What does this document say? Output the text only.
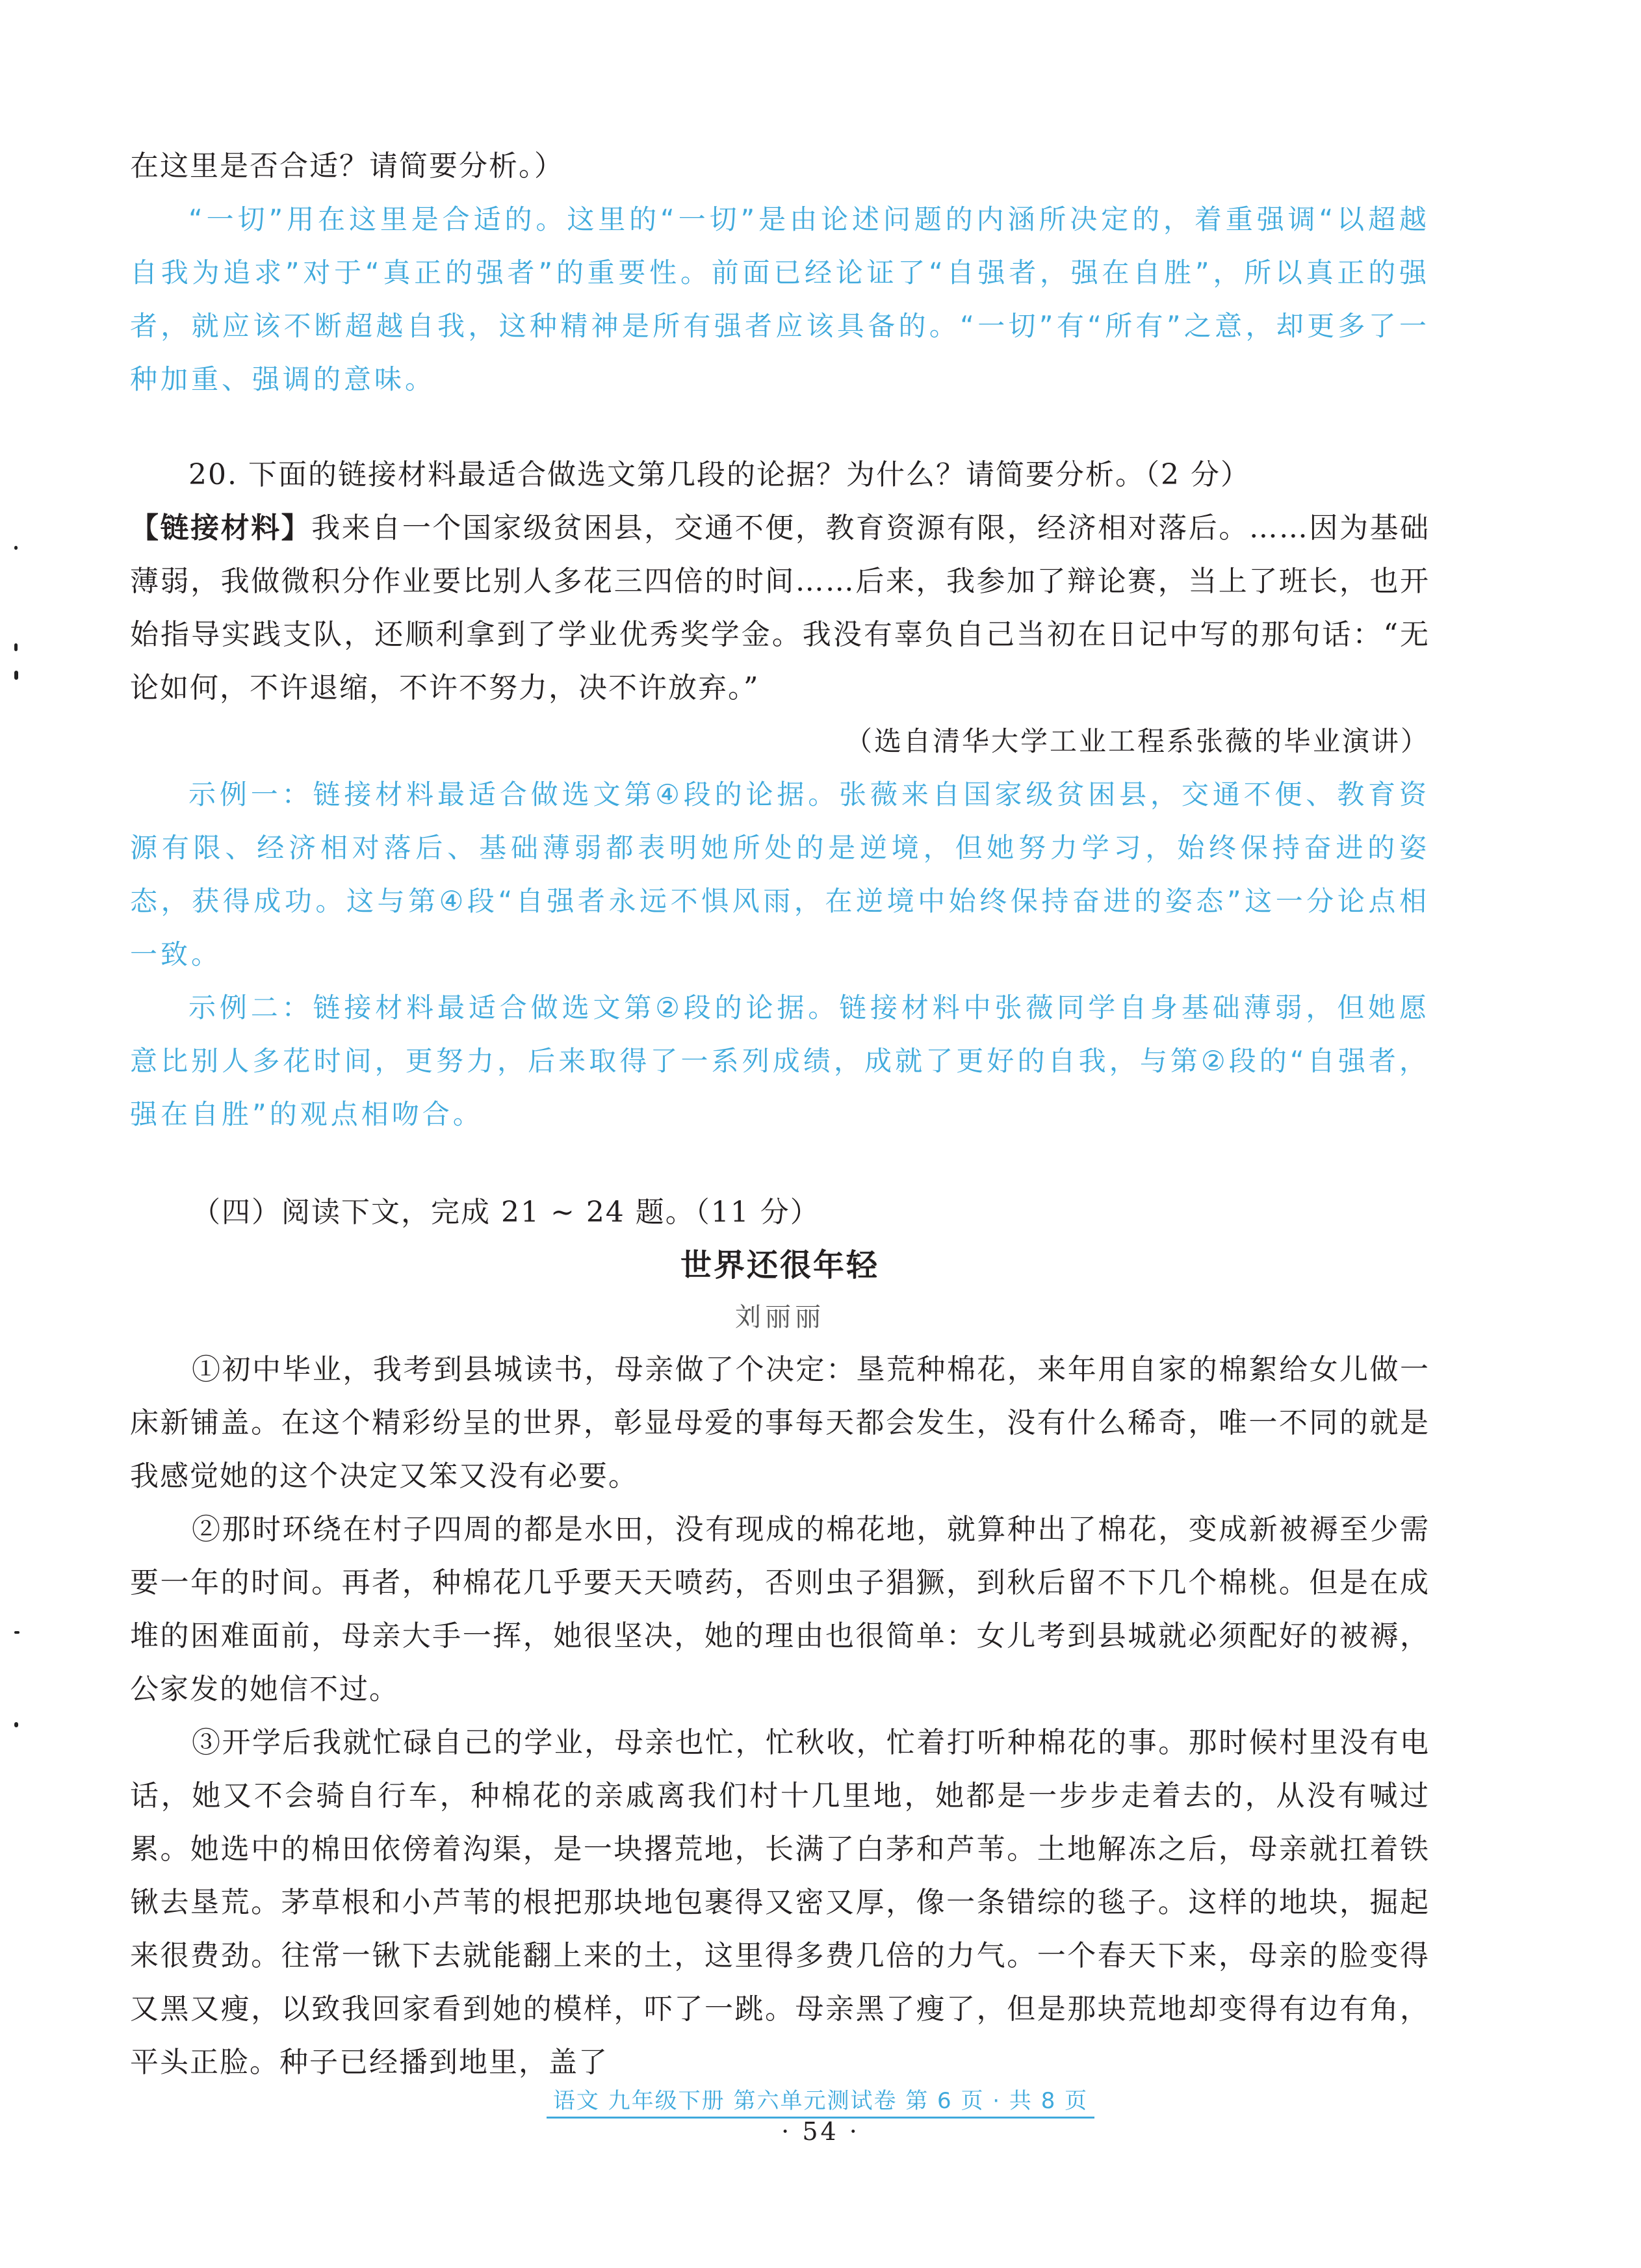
在这里是否合适？请简要分析。）

“一切”用在这里是合适的。这里的“一切”是由论述问题的内涵所决定的，着重强调“以超越自我为追求”对于“真正的强者”的重要性。前面已经论证了“自强者，强在自胜”，所以真正的强者，就应该不断超越自我，这种精神是所有强者应该具备的。“一切”有“所有”之意，却更多了一种加重、强调的意味。

20. 下面的链接材料最适合做选文第几段的论据？为什么？请简要分析。（2 分）

【链接材料】我来自一个国家级贫困县，交通不便，教育资源有限，经济相对落后。……因为基础薄弱，我做微积分作业要比别人多花三四倍的时间……后来，我参加了辩论赛，当上了班长，也开始指导实践支队，还顺利拿到了学业优秀奖学金。我没有辜负自己当初在日记中写的那句话：“无论如何，不许退缩，不许不努力，决不许放弃。”

（选自清华大学工业工程系张薇的毕业演讲）

示例一：链接材料最适合做选文第④段的论据。张薇来自国家级贫困县，交通不便、教育资源有限、经济相对落后、基础薄弱都表明她所处的是逆境，但她努力学习，始终保持奋进的姿态，获得成功。这与第④段“自强者永远不惧风雨，在逆境中始终保持奋进的姿态”这一分论点相一致。

示例二：链接材料最适合做选文第②段的论据。链接材料中张薇同学自身基础薄弱，但她愿意比别人多花时间，更努力，后来取得了一系列成绩，成就了更好的自我，与第②段的“自强者，强在自胜”的观点相吻合。

（四）阅读下文，完成 21 ~ 24 题。（11 分）

世界还很年轻

刘丽丽

①初中毕业，我考到县城读书，母亲做了个决定：垦荒种棉花，来年用自家的棉絮给女儿做一床新铺盖。在这个精彩纷呈的世界，彰显母爱的事每天都会发生，没有什么稀奇，唯一不同的就是我感觉她的这个决定又笨又没有必要。

②那时环绕在村子四周的都是水田，没有现成的棉花地，就算种出了棉花，变成新被褥至少需要一年的时间。再者，种棉花几乎要天天喷药，否则虫子猖獗，到秋后留不下几个棉桃。但是在成堆的困难面前，母亲大手一挥，她很坚决，她的理由也很简单：女儿考到县城就必须配好的被褥，公家发的她信不过。

③开学后我就忙碌自己的学业，母亲也忙，忙秋收，忙着打听种棉花的事。那时候村里没有电话，她又不会骑自行车，种棉花的亲戚离我们村十几里地，她都是一步步走着去的，从没有喊过累。她选中的棉田依傍着沟渠，是一块撂荒地，长满了白茅和芦苇。土地解冻之后，母亲就扛着铁锹去垦荒。茅草根和小芦苇的根把那块地包裹得又密又厚，像一条错综的毯子。这样的地块，掘起来很费劲。往常一锹下去就能翻上来的土，这里得多费几倍的力气。一个春天下来，母亲的脸变得又黑又瘦，以致我回家看到她的模样，吓了一跳。母亲黑了瘦了，但是那块荒地却变得有边有角，平头正脸。种子已经播到地里，盖了

语文 九年级下册 第六单元测试卷 第 6 页 · 共 8 页
· 54 ·
